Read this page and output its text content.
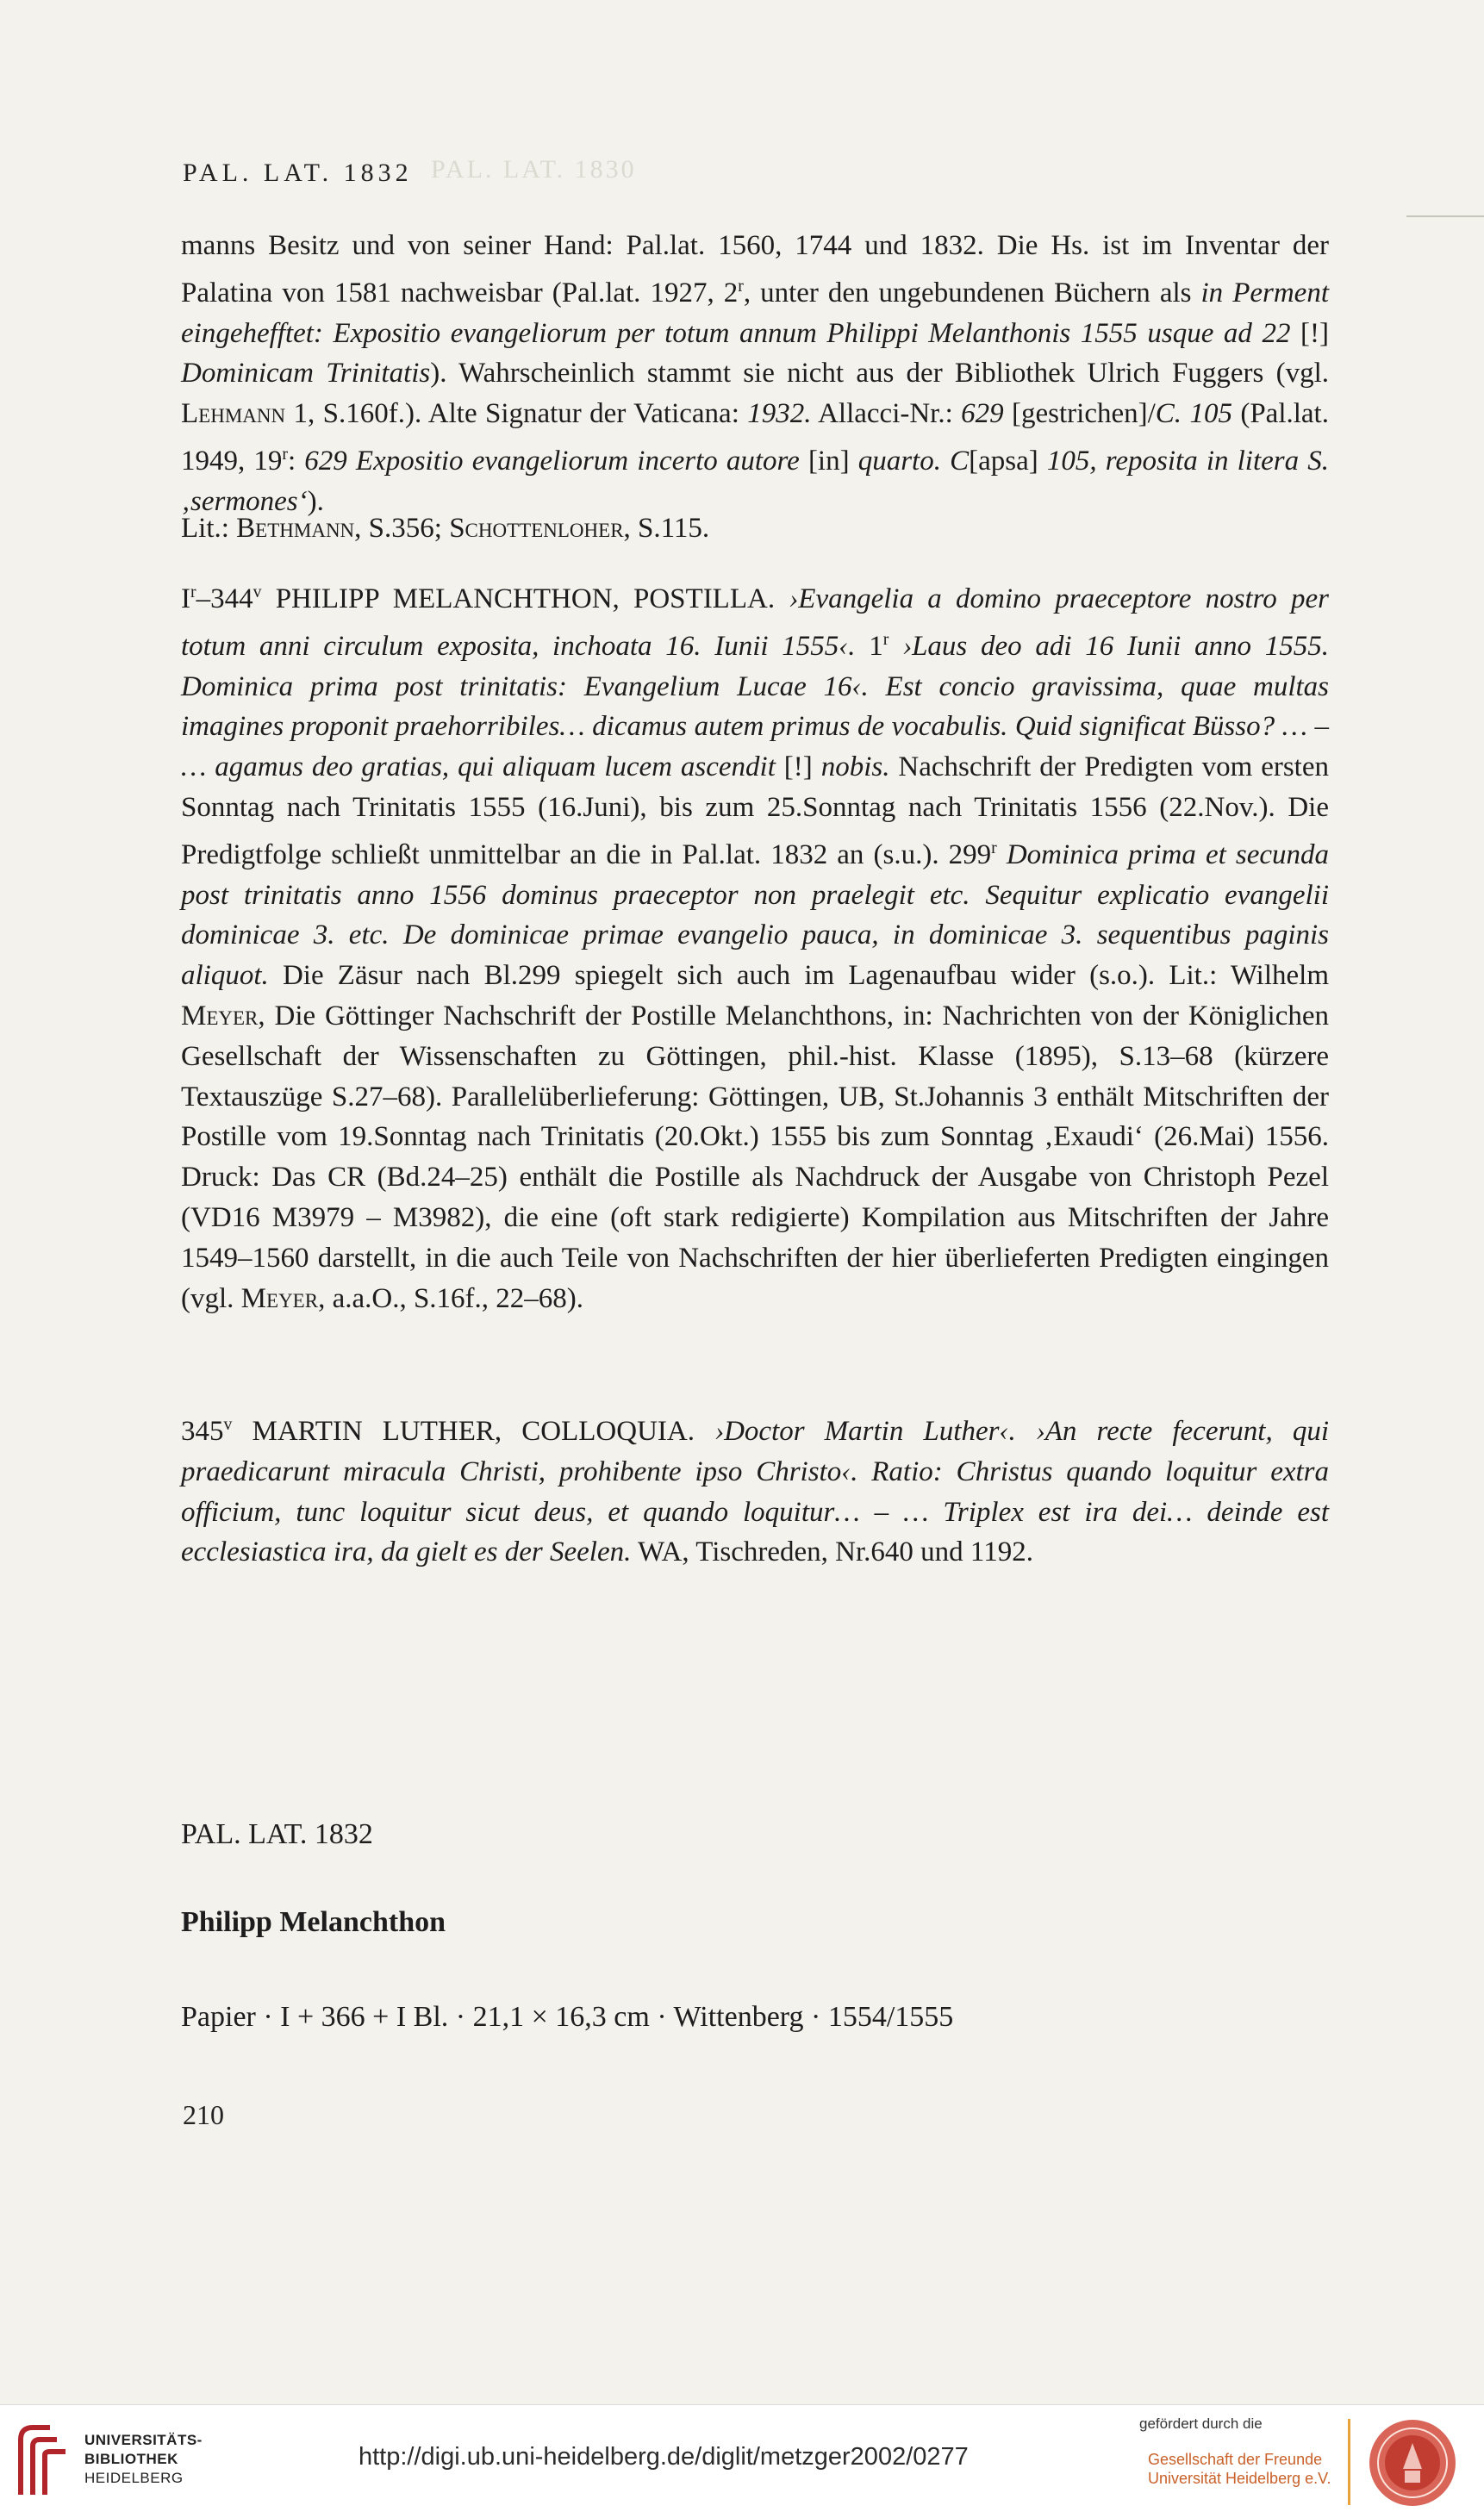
PAL. LAT. 1830
PAL. LAT. 1832

manns Besitz und von seiner Hand: Pal.lat. 1560, 1744 und 1832. Die Hs. ist im Inventar der Palatina von 1581 nachweisbar (Pal.lat. 1927, 2$^r$, unter den ungebundenen Büchern als in Perment eingehefftet: Expositio evangeliorum per totum annum Philippi Melanthonis 1555 usque ad 22 [!] Dominicam Trinitatis). Wahrscheinlich stammt sie nicht aus der Bibliothek Ulrich Fuggers (vgl. Lehmann 1, S.160f.). Alte Signatur der Vaticana: 1932. Allacci-Nr.: 629 [gestrichen]/C. 105 (Pal.lat. 1949, 19$^r$: 629 Expositio evangeliorum incerto autore [in] quarto. C[apsa] 105, reposita in litera S. ‚sermones‘).

Lit.: Bethmann, S.356; Schottenloher, S.115.

$I^r-344^v$ PHILIPP MELANCHTHON, POSTILLA. ›Evangelia a domino praeceptore nostro per totum anni circulum exposita, inchoata 16. Iunii 1555‹. 1$^r$ ›Laus deo adi 16 Iunii anno 1555. Dominica prima post trinitatis: Evangelium Lucae 16‹. Est concio gravissima, quae multas imagines proponit praehorribiles… dicamus autem primus de vocabulis. Quid significat Büsso? … – … agamus deo gratias, qui aliquam lucem ascendit [!] nobis. Nachschrift der Predigten vom ersten Sonntag nach Trinitatis 1555 (16.Juni), bis zum 25.Sonntag nach Trinitatis 1556 (22.Nov.). Die Predigtfolge schließt unmittelbar an die in Pal.lat. 1832 an (s.u.). 299$^r$ Dominica prima et secunda post trinitatis anno 1556 dominus praeceptor non praelegit etc. Sequitur explicatio evangelii dominicae 3. etc. De dominicae primae evangelio pauca, in dominicae 3. sequentibus paginis aliquot. Die Zäsur nach Bl.299 spiegelt sich auch im Lagenaufbau wider (s.o.). Lit.: Wilhelm Meyer, Die Göttinger Nachschrift der Postille Melanchthons, in: Nachrichten von der Königlichen Gesellschaft der Wissenschaften zu Göttingen, phil.-hist. Klasse (1895), S.13–68 (kürzere Textauszüge S.27–68). Parallelüberlieferung: Göttingen, UB, St.Johannis 3 enthält Mitschriften der Postille vom 19.Sonntag nach Trinitatis (20.Okt.) 1555 bis zum Sonntag ‚Exaudi‘ (26.Mai) 1556. Druck: Das CR (Bd.24–25) enthält die Postille als Nachdruck der Ausgabe von Christoph Pezel (VD16 M3979 – M3982), die eine (oft stark redigierte) Kompilation aus Mitschriften der Jahre 1549–1560 darstellt, in die auch Teile von Nachschriften der hier überlieferten Predigten eingingen (vgl. Meyer, a.a.O., S.16f., 22–68).

345$^v$ MARTIN LUTHER, COLLOQUIA. ›Doctor Martin Luther‹. ›An recte fecerunt, qui praedicarunt miracula Christi, prohibente ipso Christo‹. Ratio: Christus quando loquitur extra officium, tunc loquitur sicut deus, et quando loquitur… – … Triplex est ira dei… deinde est ecclesiastica ira, da gielt es der Seelen. WA, Tischreden, Nr.640 und 1192.

PAL. LAT. 1832
Philipp Melanchthon
Papier · I + 366 + I Bl. · 21,1 × 16,3 cm · Wittenberg · 1554/1555
210
UNIVERSITÄTS-
BIBLIOTHEK
HEIDELBERG
http://digi.ub.uni-heidelberg.de/diglit/metzger2002/0277
gefördert durch die
Gesellschaft der Freunde
Universität Heidelberg e.V.
